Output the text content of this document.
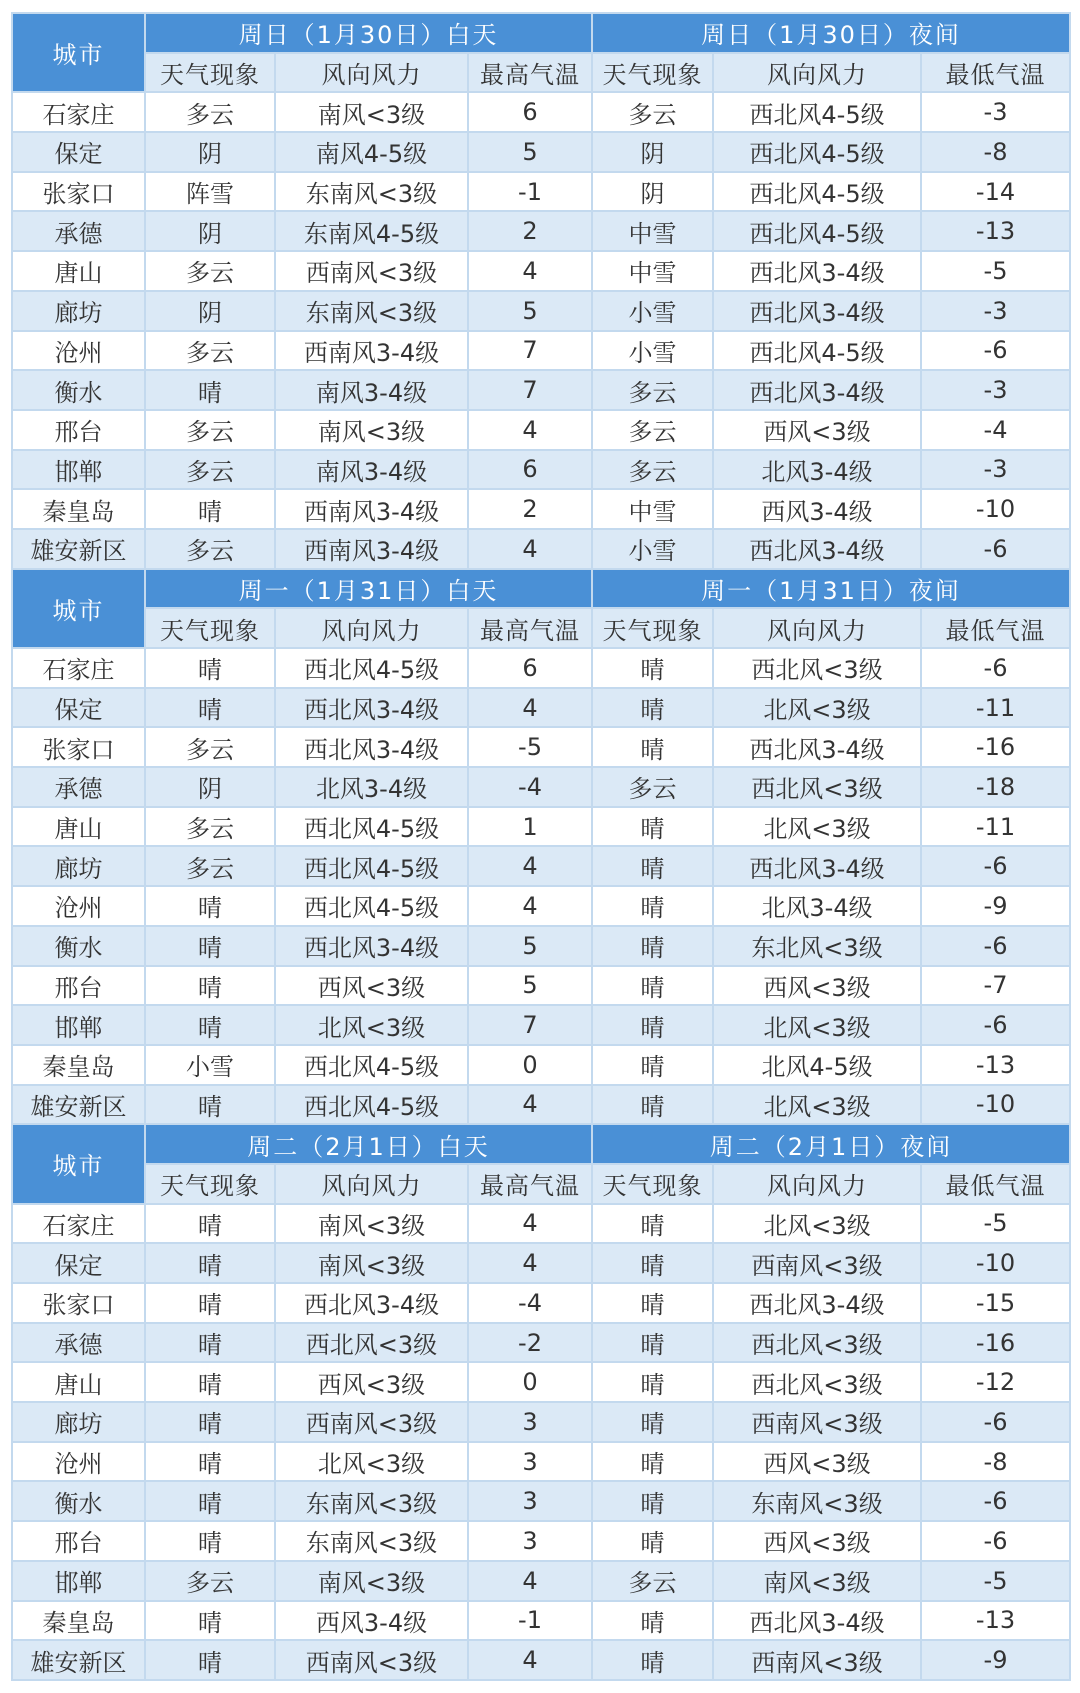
城市	周日（1月30日）白天			周日（1月30日）夜间		
	天气现象	风向风力	最高气温	天气现象	风向风力	最低气温
石家庄	多云	南风<3级	6	多云	西北风4-5级	-3
保定	阴	南风4-5级	5	阴	西北风4-5级	-8
张家口	阵雪	东南风<3级	-1	阴	西北风4-5级	-14
承德	阴	东南风4-5级	2	中雪	西北风4-5级	-13
唐山	多云	西南风<3级	4	中雪	西北风3-4级	-5
廊坊	阴	东南风<3级	5	小雪	西北风3-4级	-3
沧州	多云	西南风3-4级	7	小雪	西北风4-5级	-6
衡水	晴	南风3-4级	7	多云	西北风3-4级	-3
邢台	多云	南风<3级	4	多云	西风<3级	-4
邯郸	多云	南风3-4级	6	多云	北风3-4级	-3
秦皇岛	晴	西南风3-4级	2	中雪	西风3-4级	-10
雄安新区	多云	西南风3-4级	4	小雪	西北风3-4级	-6
城市	周一（1月31日）白天			周一（1月31日）夜间		
	天气现象	风向风力	最高气温	天气现象	风向风力	最低气温
石家庄	晴	西北风4-5级	6	晴	西北风<3级	-6
保定	晴	西北风3-4级	4	晴	北风<3级	-11
张家口	多云	西北风3-4级	-5	晴	西北风3-4级	-16
承德	阴	北风3-4级	-4	多云	西北风<3级	-18
唐山	多云	西北风4-5级	1	晴	北风<3级	-11
廊坊	多云	西北风4-5级	4	晴	西北风3-4级	-6
沧州	晴	西北风4-5级	4	晴	北风3-4级	-9
衡水	晴	西北风3-4级	5	晴	东北风<3级	-6
邢台	晴	西风<3级	5	晴	西风<3级	-7
邯郸	晴	北风<3级	7	晴	北风<3级	-6
秦皇岛	小雪	西北风4-5级	0	晴	北风4-5级	-13
雄安新区	晴	西北风4-5级	4	晴	北风<3级	-10
城市	周二（2月1日）白天			周二（2月1日）夜间		
	天气现象	风向风力	最高气温	天气现象	风向风力	最低气温
石家庄	晴	南风<3级	4	晴	北风<3级	-5
保定	晴	南风<3级	4	晴	西南风<3级	-10
张家口	晴	西北风3-4级	-4	晴	西北风3-4级	-15
承德	晴	西北风<3级	-2	晴	西北风<3级	-16
唐山	晴	西风<3级	0	晴	西北风<3级	-12
廊坊	晴	西南风<3级	3	晴	西南风<3级	-6
沧州	晴	北风<3级	3	晴	西风<3级	-8
衡水	晴	东南风<3级	3	晴	东南风<3级	-6
邢台	晴	东南风<3级	3	晴	西风<3级	-6
邯郸	多云	南风<3级	4	多云	南风<3级	-5
秦皇岛	晴	西风3-4级	-1	晴	西北风3-4级	-13
雄安新区	晴	西南风<3级	4	晴	西南风<3级	-9
